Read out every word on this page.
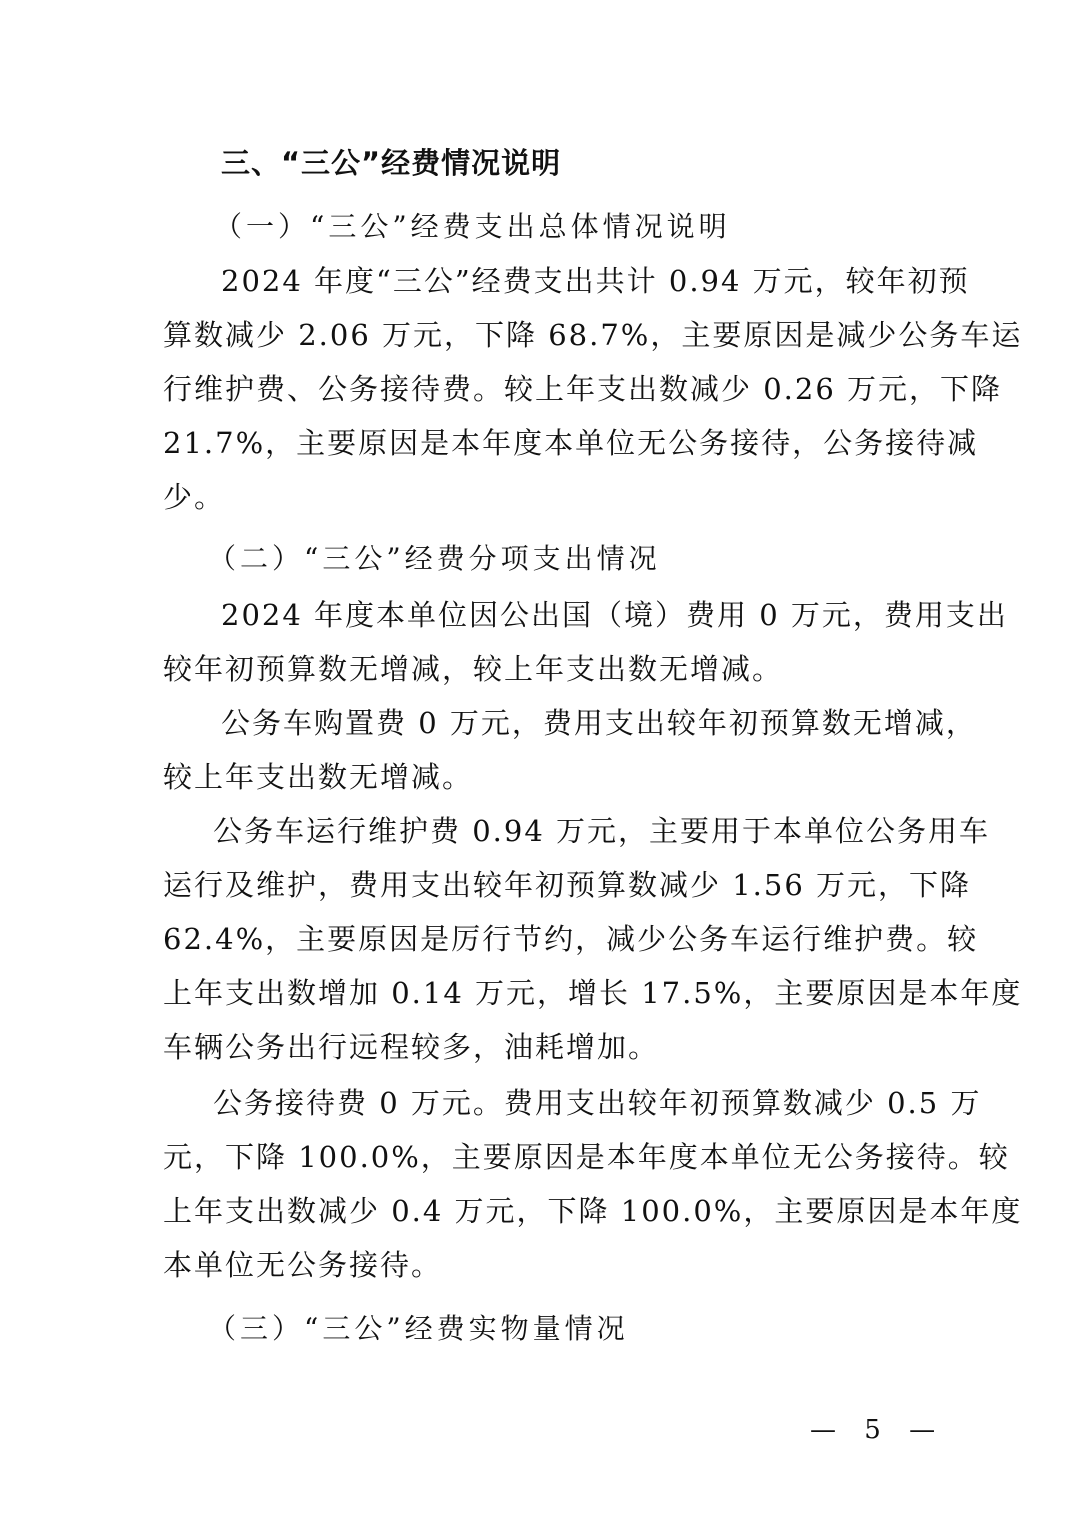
三、“三公”经费情况说明
（一）“三公”经费支出总体情况说明

2024 年度“三公”经费支出共计 0.94 万元，较年初预

算数减少 2.06 万元，下降 68.7%，主要原因是减少公务车运

行维护费、公务接待费。较上年支出数减少 0.26 万元，下降

21.7%，主要原因是本年度本单位无公务接待，公务接待减

少。

（二）“三公”经费分项支出情况

2024 年度本单位因公出国（境）费用 0 万元，费用支出

较年初预算数无增减，较上年支出数无增减。

公务车购置费 0 万元，费用支出较年初预算数无增减，

较上年支出数无增减。

公务车运行维护费 0.94 万元，主要用于本单位公务用车

运行及维护，费用支出较年初预算数减少 1.56 万元，下降

62.4%，主要原因是厉行节约，减少公务车运行维护费。较

上年支出数增加 0.14 万元，增长 17.5%，主要原因是本年度

车辆公务出行远程较多，油耗增加。

公务接待费 0 万元。费用支出较年初预算数减少 0.5 万

元，下降 100.0%，主要原因是本年度本单位无公务接待。较

上年支出数减少 0.4 万元，下降 100.0%，主要原因是本年度

本单位无公务接待。

（三）“三公”经费实物量情况
— 5 —
